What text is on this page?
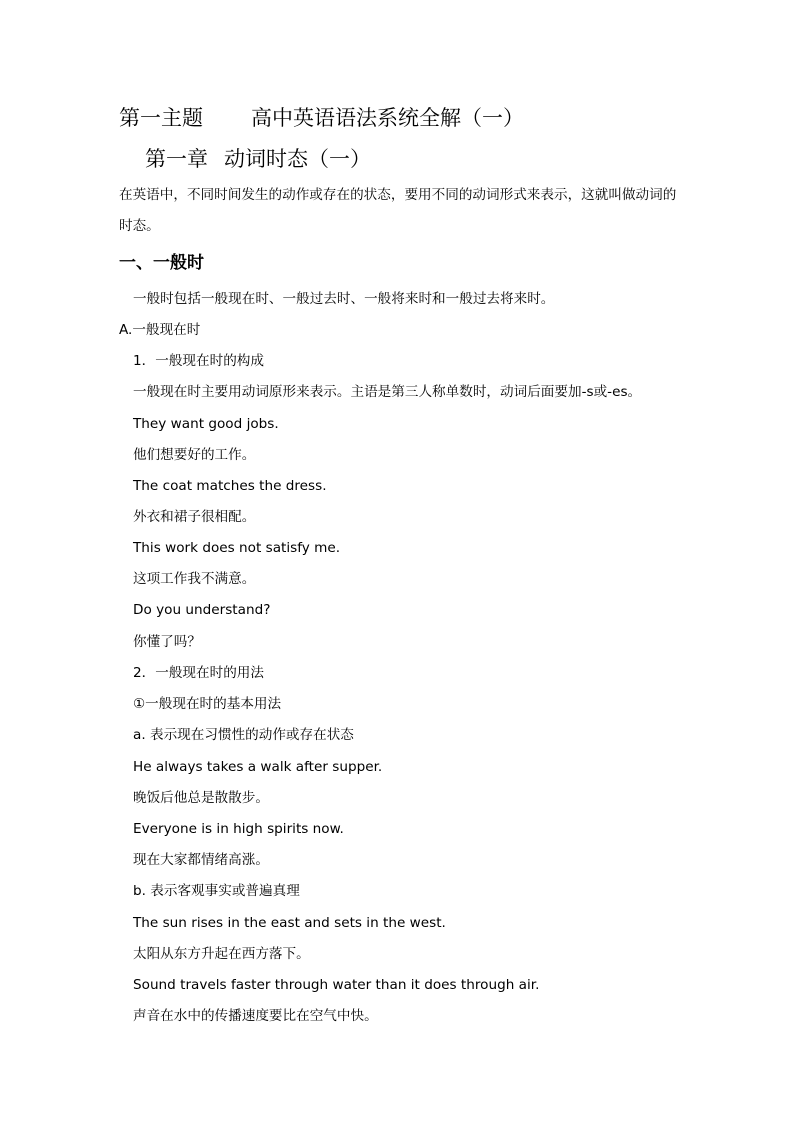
第一主题 高中英语语法系统全解（一）
第一章 动词时态（一）

在英语中，不同时间发生的动作或存在的状态，要用不同的动词形式来表示，这就叫做动词的时态。

一、一般时

一般时包括一般现在时、一般过去时、一般将来时和一般过去将来时。

A.一般现在时

1．一般现在时的构成

一般现在时主要用动词原形来表示。主语是第三人称单数时，动词后面要加-s或-es。

They want good jobs.

他们想要好的工作。

The coat matches the dress.

外衣和裙子很相配。

This work does not satisfy me.

这项工作我不满意。

Do you understand?

你懂了吗？

2．一般现在时的用法

①一般现在时的基本用法

a. 表示现在习惯性的动作或存在状态

He always takes a walk after supper.

晚饭后他总是散散步。

Everyone is in high spirits now.

现在大家都情绪高涨。

b. 表示客观事实或普遍真理

The sun rises in the east and sets in the west.

太阳从东方升起在西方落下。

Sound travels faster through water than it does through air.

声音在水中的传播速度要比在空气中快。
